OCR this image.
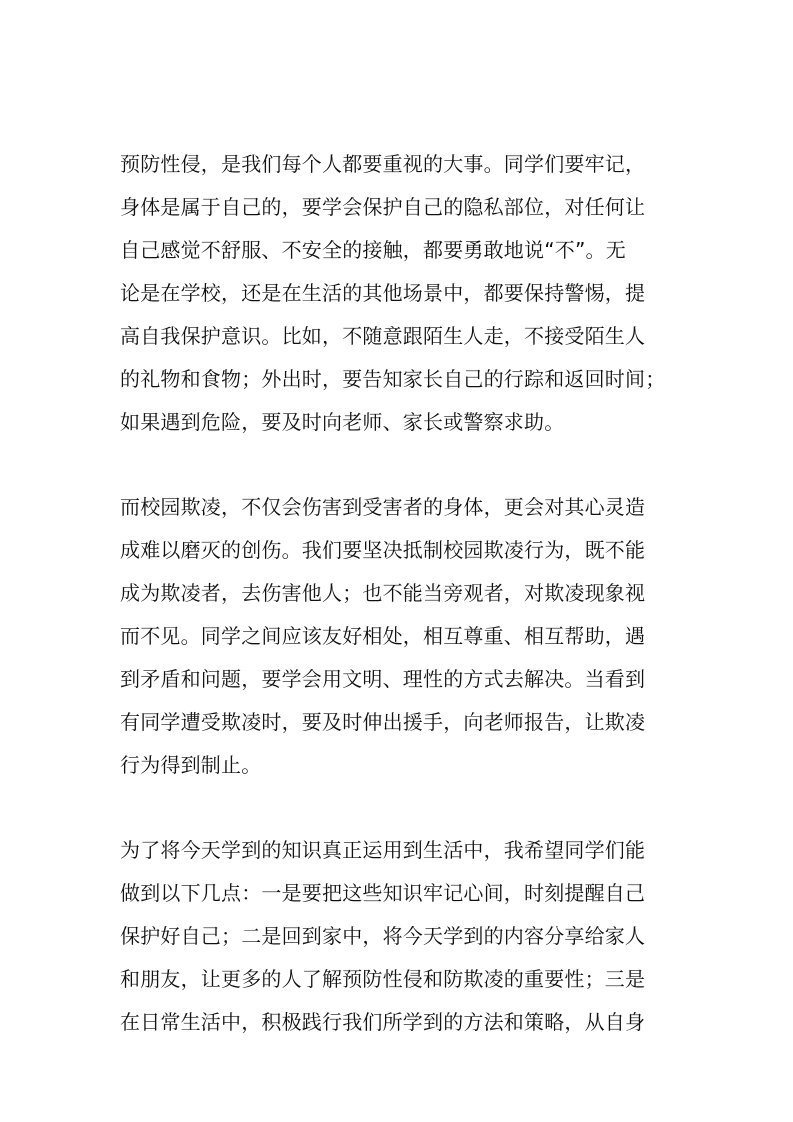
预防性侵，是我们每个人都要重视的大事。同学们要牢记，
身体是属于自己的，要学会保护自己的隐私部位，对任何让
自己感觉不舒服、不安全的接触，都要勇敢地说“不”。无
论是在学校，还是在生活的其他场景中，都要保持警惕，提
高自我保护意识。比如，不随意跟陌生人走，不接受陌生人
的礼物和食物；外出时，要告知家长自己的行踪和返回时间；
如果遇到危险，要及时向老师、家长或警察求助。
而校园欺凌，不仅会伤害到受害者的身体，更会对其心灵造
成难以磨灭的创伤。我们要坚决抵制校园欺凌行为，既不能
成为欺凌者，去伤害他人；也不能当旁观者，对欺凌现象视
而不见。同学之间应该友好相处，相互尊重、相互帮助，遇
到矛盾和问题，要学会用文明、理性的方式去解决。当看到
有同学遭受欺凌时，要及时伸出援手，向老师报告，让欺凌
行为得到制止。
为了将今天学到的知识真正运用到生活中，我希望同学们能
做到以下几点：一是要把这些知识牢记心间，时刻提醒自己
保护好自己；二是回到家中，将今天学到的内容分享给家人
和朋友，让更多的人了解预防性侵和防欺凌的重要性；三是
在日常生活中，积极践行我们所学到的方法和策略，从自身
